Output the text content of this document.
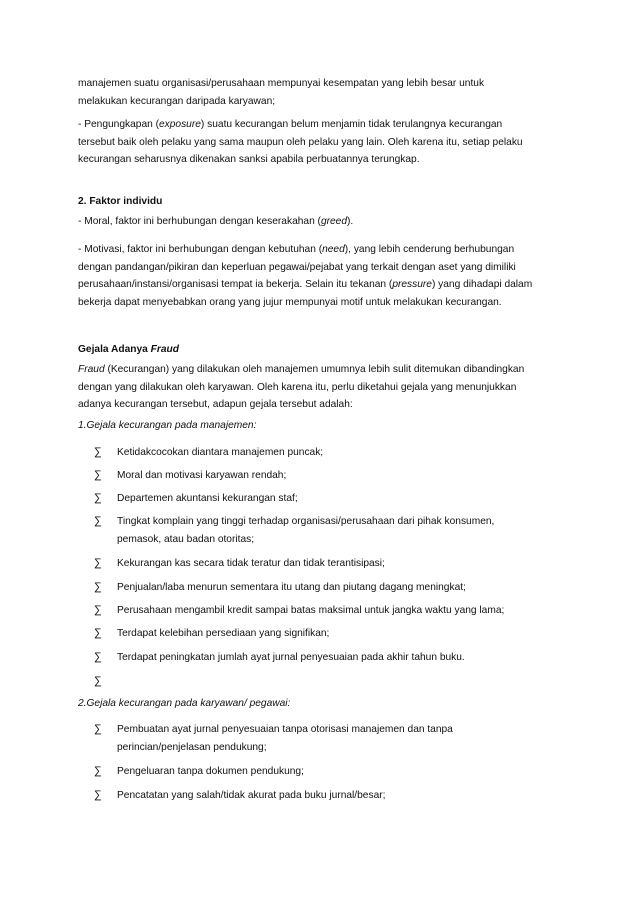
manajemen suatu organisasi/perusahaan mempunyai kesempatan yang lebih besar untuk
melakukan kecurangan daripada karyawan;

- Pengungkapan (exposure) suatu kecurangan belum menjamin tidak terulangnya kecurangan
tersebut baik oleh pelaku yang sama maupun oleh pelaku yang lain. Oleh karena itu, setiap pelaku
kecurangan seharusnya dikenakan sanksi apabila perbuatannya terungkap.

2. Faktor individu

- Moral, faktor ini berhubungan dengan keserakahan (greed).

- Motivasi, faktor ini berhubungan dengan kebutuhan (need), yang lebih cenderung berhubungan
dengan pandangan/pikiran dan keperluan pegawai/pejabat yang terkait dengan aset yang dimiliki
perusahaan/instansi/organisasi tempat ia bekerja. Selain itu tekanan (pressure) yang dihadapi dalam
bekerja dapat menyebabkan orang yang jujur mempunyai motif untuk melakukan kecurangan.

Gejala Adanya Fraud

Fraud (Kecurangan) yang dilakukan oleh manajemen umumnya lebih sulit ditemukan dibandingkan
dengan yang dilakukan oleh karyawan. Oleh karena itu, perlu diketahui gejala yang menunjukkan
adanya kecurangan tersebut, adapun gejala tersebut adalah:

1.Gejala kecurangan pada manajemen:

∑ Ketidakcocokan diantara manajemen puncak;

∑ Moral dan motivasi karyawan rendah;

∑ Departemen akuntansi kekurangan staf;

∑ Tingkat komplain yang tinggi terhadap organisasi/perusahaan dari pihak konsumen,
pemasok, atau badan otoritas;

∑ Kekurangan kas secara tidak teratur dan tidak terantisipasi;

∑ Penjualan/laba menurun sementara itu utang dan piutang dagang meningkat;

∑ Perusahaan mengambil kredit sampai batas maksimal untuk jangka waktu yang lama;

∑ Terdapat kelebihan persediaan yang signifikan;

∑ Terdapat peningkatan jumlah ayat jurnal penyesuaian pada akhir tahun buku.

∑

2.Gejala kecurangan pada karyawan/ pegawai:

∑ Pembuatan ayat jurnal penyesuaian tanpa otorisasi manajemen dan tanpa
perincian/penjelasan pendukung;

∑ Pengeluaran tanpa dokumen pendukung;

∑ Pencatatan yang salah/tidak akurat pada buku jurnal/besar;
